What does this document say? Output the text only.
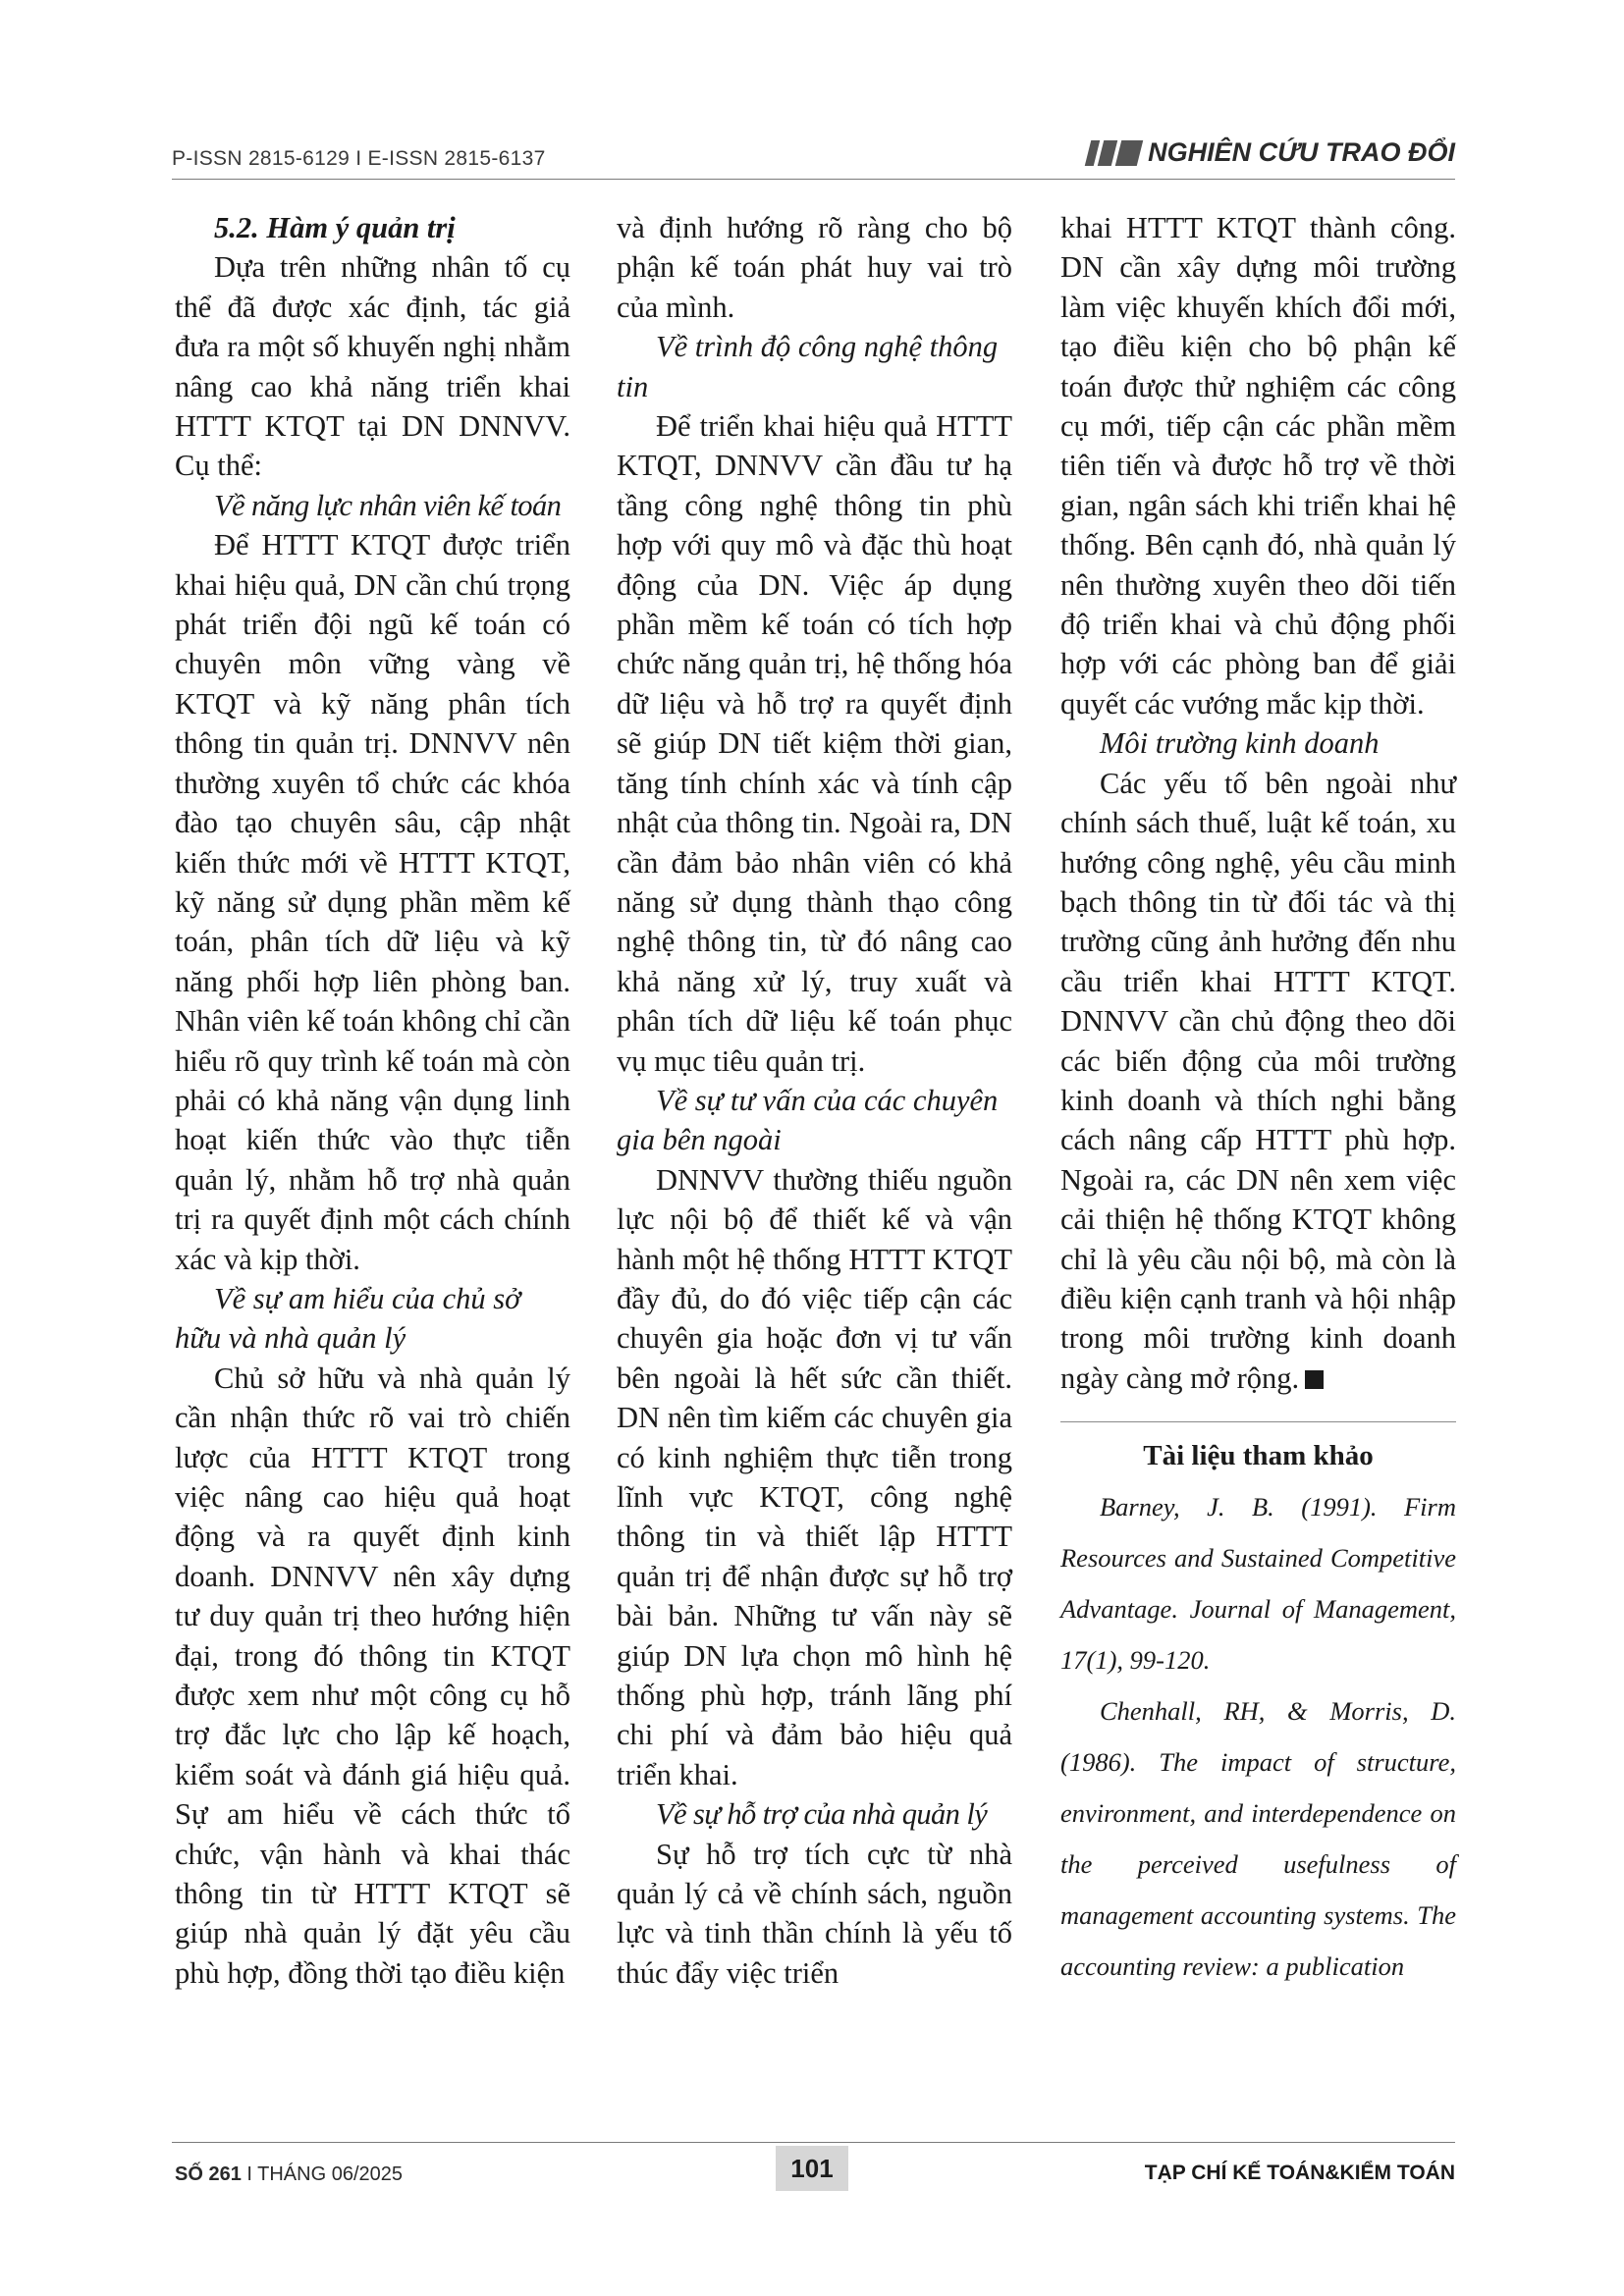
P-ISSN 2815-6129 I E-ISSN 2815-6137	NGHIÊN CỨU TRAO ĐỔI

5.2. Hàm ý quản trị

Dựa trên những nhân tố cụ thể đã được xác định, tác giả đưa ra một số khuyến nghị nhằm nâng cao khả năng triển khai HTTT KTQT tại DN DNNVV. Cụ thể:

Về năng lực nhân viên kế toán

Để HTTT KTQT được triển khai hiệu quả, DN cần chú trọng phát triển đội ngũ kế toán có chuyên môn vững vàng về KTQT và kỹ năng phân tích thông tin quản trị. DNNVV nên thường xuyên tổ chức các khóa đào tạo chuyên sâu, cập nhật kiến thức mới về HTTT KTQT, kỹ năng sử dụng phần mềm kế toán, phân tích dữ liệu và kỹ năng phối hợp liên phòng ban. Nhân viên kế toán không chỉ cần hiểu rõ quy trình kế toán mà còn phải có khả năng vận dụng linh hoạt kiến thức vào thực tiễn quản lý, nhằm hỗ trợ nhà quản trị ra quyết định một cách chính xác và kịp thời.

Về sự am hiểu của chủ sở hữu và nhà quản lý

Chủ sở hữu và nhà quản lý cần nhận thức rõ vai trò chiến lược của HTTT KTQT trong việc nâng cao hiệu quả hoạt động và ra quyết định kinh doanh. DNNVV nên xây dựng tư duy quản trị theo hướng hiện đại, trong đó thông tin KTQT được xem như một công cụ hỗ trợ đắc lực cho lập kế hoạch, kiểm soát và đánh giá hiệu quả. Sự am hiểu về cách thức tổ chức, vận hành và khai thác thông tin từ HTTT KTQT sẽ giúp nhà quản lý đặt yêu cầu phù hợp, đồng thời tạo điều kiện

và định hướng rõ ràng cho bộ phận kế toán phát huy vai trò của mình.

Về trình độ công nghệ thông tin

Để triển khai hiệu quả HTTT KTQT, DNNVV cần đầu tư hạ tầng công nghệ thông tin phù hợp với quy mô và đặc thù hoạt động của DN. Việc áp dụng phần mềm kế toán có tích hợp chức năng quản trị, hệ thống hóa dữ liệu và hỗ trợ ra quyết định sẽ giúp DN tiết kiệm thời gian, tăng tính chính xác và tính cập nhật của thông tin. Ngoài ra, DN cần đảm bảo nhân viên có khả năng sử dụng thành thạo công nghệ thông tin, từ đó nâng cao khả năng xử lý, truy xuất và phân tích dữ liệu kế toán phục vụ mục tiêu quản trị.

Về sự tư vấn của các chuyên gia bên ngoài

DNNVV thường thiếu nguồn lực nội bộ để thiết kế và vận hành một hệ thống HTTT KTQT đầy đủ, do đó việc tiếp cận các chuyên gia hoặc đơn vị tư vấn bên ngoài là hết sức cần thiết. DN nên tìm kiếm các chuyên gia có kinh nghiệm thực tiễn trong lĩnh vực KTQT, công nghệ thông tin và thiết lập HTTT quản trị để nhận được sự hỗ trợ bài bản. Những tư vấn này sẽ giúp DN lựa chọn mô hình hệ thống phù hợp, tránh lãng phí chi phí và đảm bảo hiệu quả triển khai.

Về sự hỗ trợ của nhà quản lý

Sự hỗ trợ tích cực từ nhà quản lý cả về chính sách, nguồn lực và tinh thần chính là yếu tố thúc đẩy việc triển

khai HTTT KTQT thành công. DN cần xây dựng môi trường làm việc khuyến khích đổi mới, tạo điều kiện cho bộ phận kế toán được thử nghiệm các công cụ mới, tiếp cận các phần mềm tiên tiến và được hỗ trợ về thời gian, ngân sách khi triển khai hệ thống. Bên cạnh đó, nhà quản lý nên thường xuyên theo dõi tiến độ triển khai và chủ động phối hợp với các phòng ban để giải quyết các vướng mắc kịp thời.

Môi trường kinh doanh

Các yếu tố bên ngoài như chính sách thuế, luật kế toán, xu hướng công nghệ, yêu cầu minh bạch thông tin từ đối tác và thị trường cũng ảnh hưởng đến nhu cầu triển khai HTTT KTQT. DNNVV cần chủ động theo dõi các biến động của môi trường kinh doanh và thích nghi bằng cách nâng cấp HTTT phù hợp. Ngoài ra, các DN nên xem việc cải thiện hệ thống KTQT không chỉ là yêu cầu nội bộ, mà còn là điều kiện cạnh tranh và hội nhập trong môi trường kinh doanh ngày càng mở rộng.

Tài liệu tham khảo

Barney, J. B. (1991). Firm Resources and Sustained Competitive Advantage. Journal of Management, 17(1), 99-120.

Chenhall, RH, & Morris, D. (1986). The impact of structure, environment, and interdependence on the perceived usefulness of management accounting systems. The accounting review: a publication

SỐ 261 I THÁNG 06/2025	101	TẠP CHÍ KẾ TOÁN&KIỂM TOÁN
